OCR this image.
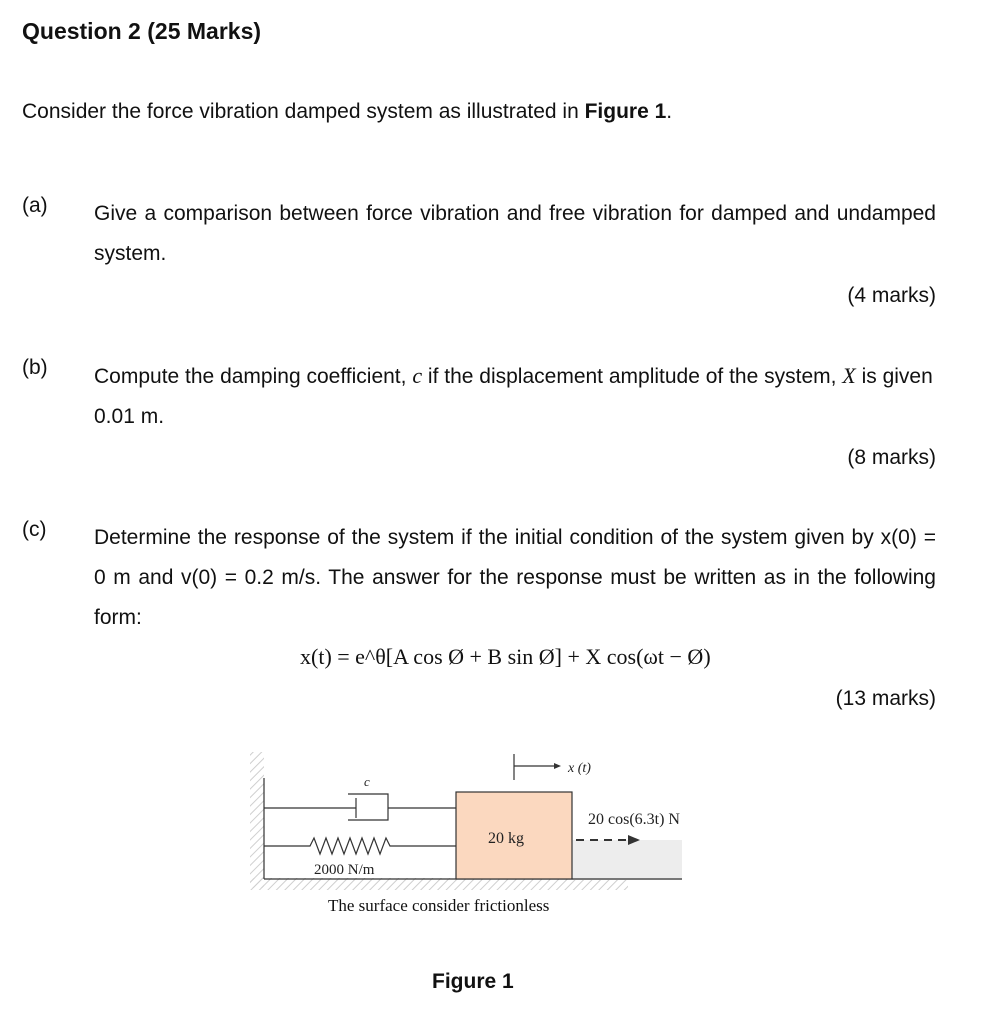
Question 2 (25 Marks)
Consider the force vibration damped system as illustrated in Figure 1.
(a) Give a comparison between force vibration and free vibration for damped and undamped system.
(4 marks)
(b) Compute the damping coefficient, c if the displacement amplitude of the system, X is given 0.01 m.
(8 marks)
(c) Determine the response of the system if the initial condition of the system given by x(0) = 0 m and v(0) = 0.2 m/s. The answer for the response must be written as in the following form:
x(t) = e^θ[A cos Ø + B sin Ø] + X cos(ωt − Ø)
(13 marks)
c
2000 N/m
20 kg
x (t)
20 cos(6.3t) N
The surface consider frictionless
Figure 1
